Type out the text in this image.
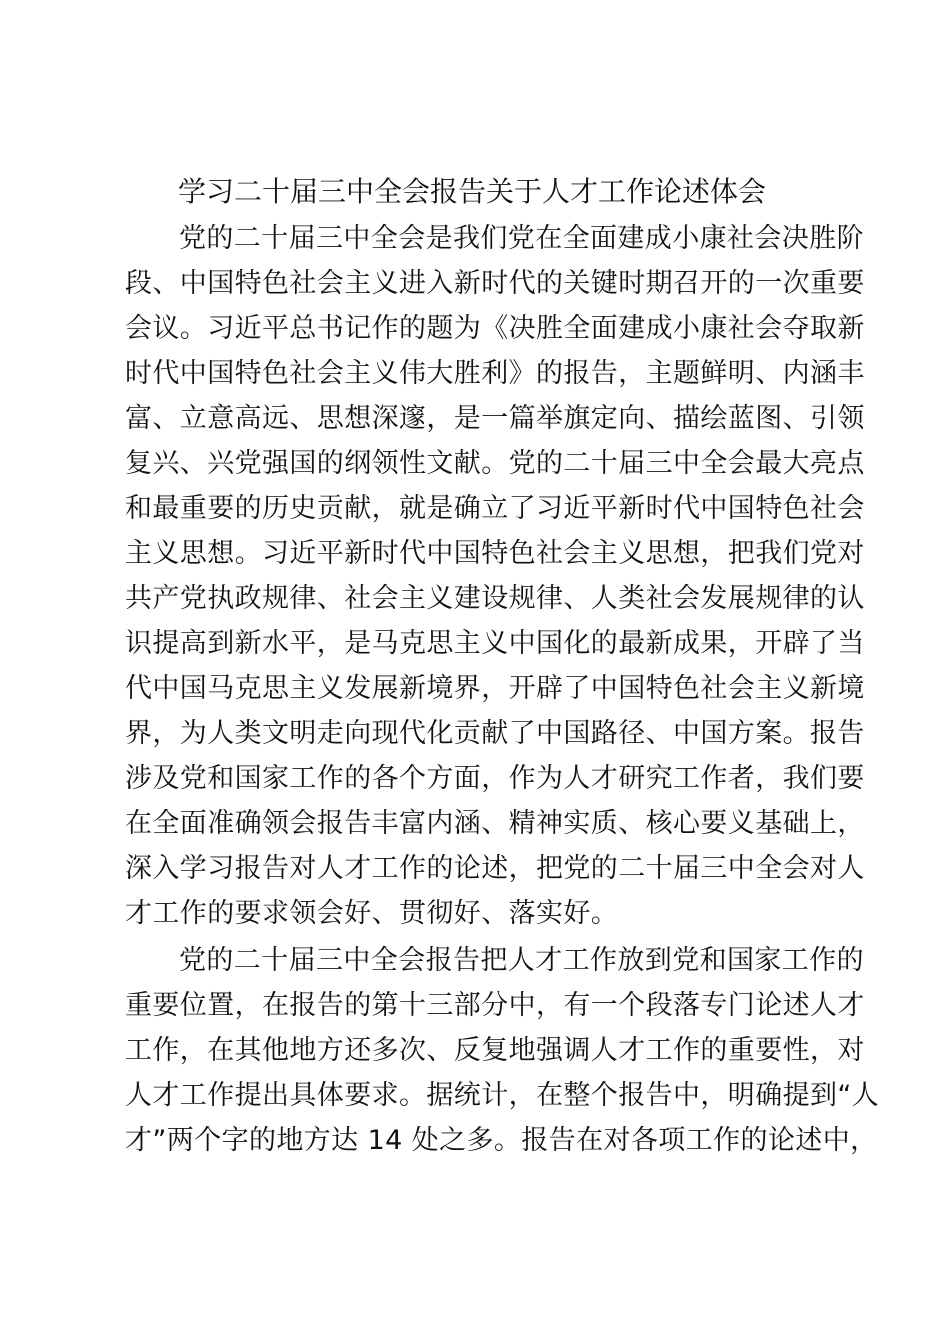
学习二十届三中全会报告关于人才工作论述体会
党的二十届三中全会是我们党在全面建成小康社会决胜阶
段、中国特色社会主义进入新时代的关键时期召开的一次重要
会议。习近平总书记作的题为《决胜全面建成小康社会夺取新
时代中国特色社会主义伟大胜利》的报告，主题鲜明、内涵丰
富、立意高远、思想深邃，是一篇举旗定向、描绘蓝图、引领
复兴、兴党强国的纲领性文献。党的二十届三中全会最大亮点
和最重要的历史贡献，就是确立了习近平新时代中国特色社会
主义思想。习近平新时代中国特色社会主义思想，把我们党对
共产党执政规律、社会主义建设规律、人类社会发展规律的认
识提高到新水平，是马克思主义中国化的最新成果，开辟了当
代中国马克思主义发展新境界，开辟了中国特色社会主义新境
界，为人类文明走向现代化贡献了中国路径、中国方案。报告
涉及党和国家工作的各个方面，作为人才研究工作者，我们要
在全面准确领会报告丰富内涵、精神实质、核心要义基础上，
深入学习报告对人才工作的论述，把党的二十届三中全会对人
才工作的要求领会好、贯彻好、落实好。
党的二十届三中全会报告把人才工作放到党和国家工作的
重要位置，在报告的第十三部分中，有一个段落专门论述人才
工作，在其他地方还多次、反复地强调人才工作的重要性，对
人才工作提出具体要求。据统计，在整个报告中，明确提到“人
才”两个字的地方达 14 处之多。报告在对各项工作的论述中，
